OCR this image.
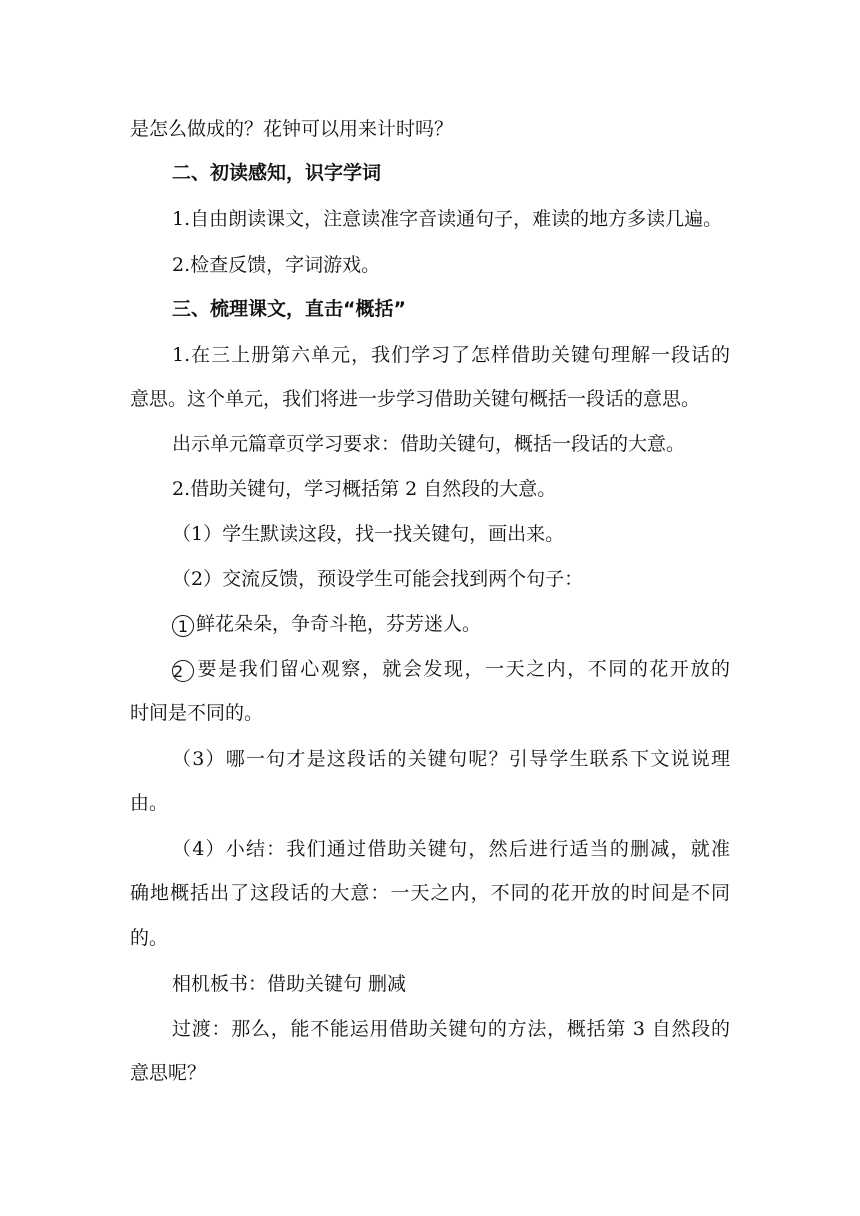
是怎么做成的？花钟可以用来计时吗？
二、初读感知，识字学词
1.自由朗读课文，注意读准字音读通句子，难读的地方多读几遍。
2.检查反馈，字词游戏。
三、梳理课文，直击“概括”
1.在三上册第六单元，我们学习了怎样借助关键句理解一段话的
意思。这个单元，我们将进一步学习借助关键句概括一段话的意思。
出示单元篇章页学习要求：借助关键句，概括一段话的大意。
2.借助关键句，学习概括第 2 自然段的大意。
（1）学生默读这段，找一找关键句，画出来。
（2）交流反馈，预设学生可能会找到两个句子：
1 鲜花朵朵，争奇斗艳，芬芳迷人。
2 要是我们留心观察，就会发现，一天之内，不同的花开放的
时间是不同的。
（3）哪一句才是这段话的关键句呢？引导学生联系下文说说理
由。
（4）小结：我们通过借助关键句，然后进行适当的删减，就准
确地概括出了这段话的大意：一天之内，不同的花开放的时间是不同
的。
相机板书：借助关键句 删减
过渡：那么，能不能运用借助关键句的方法，概括第 3 自然段的
意思呢？
